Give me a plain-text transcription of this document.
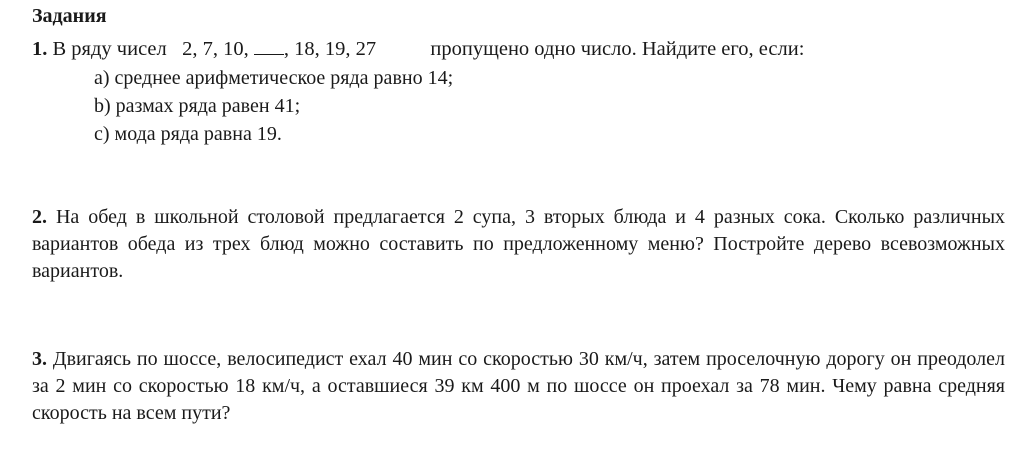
Задания
1. В ряду чисел 2, 7, 10, , 18, 19, 27	пропущено одно число. Найдите его, если:
a) среднее арифметическое ряда равно 14;
b) размах ряда равен 41;
c) мода ряда равна 19.

2. На обед в школьной столовой предлагается 2 супа, 3 вторых блюда и 4 разных сока. Сколько различных вариантов обеда из трех блюд можно составить по предложенному меню? Постройте дерево всевозможных вариантов.

3. Двигаясь по шоссе, велосипедист ехал 40 мин со скоростью 30 км/ч, затем проселочную дорогу он преодолел за 2 мин со скоростью 18 км/ч, а оставшиеся 39 км 400 м по шоссе он проехал за 78 мин. Чему равна средняя скорость на всем пути?
